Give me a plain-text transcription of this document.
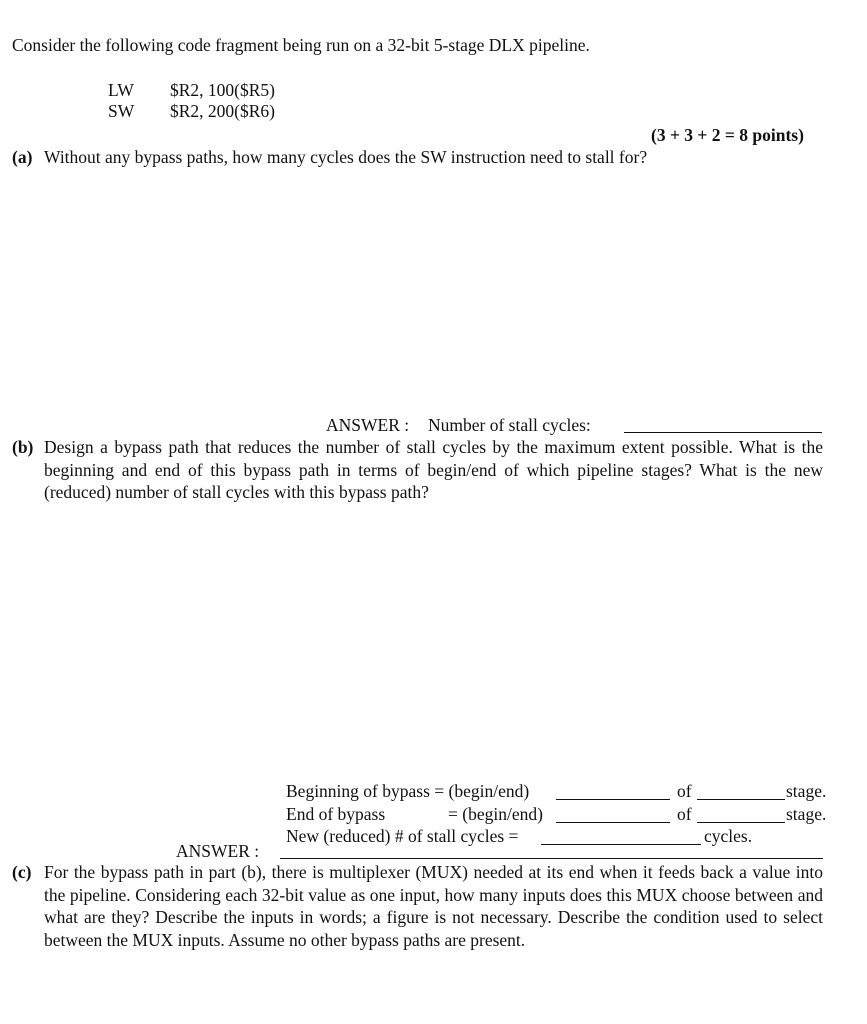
Consider the following code fragment being run on a 32-bit 5-stage DLX pipeline.
LW $R2, 100($R5)
SW $R2, 200($R6)
(3 + 3 + 2 = 8 points)
(a) Without any bypass paths, how many cycles does the SW instruction need to stall for?
ANSWER : Number of stall cycles:
(b) Design a bypass path that reduces the number of stall cycles by the maximum extent possible. What is the beginning and end of this bypass path in terms of begin/end of which pipeline stages? What is the new (reduced) number of stall cycles with this bypass path?
Beginning of bypass = (begin/end)	of	stage.
End of bypass	= (begin/end)	of	stage.
New (reduced) # of stall cycles =	cycles.
ANSWER :
(c) For the bypass path in part (b), there is multiplexer (MUX) needed at its end when it feeds back a value into the pipeline. Considering each 32-bit value as one input, how many inputs does this MUX choose between and what are they? Describe the inputs in words; a figure is not necessary. Describe the condition used to select between the MUX inputs. Assume no other bypass paths are present.
